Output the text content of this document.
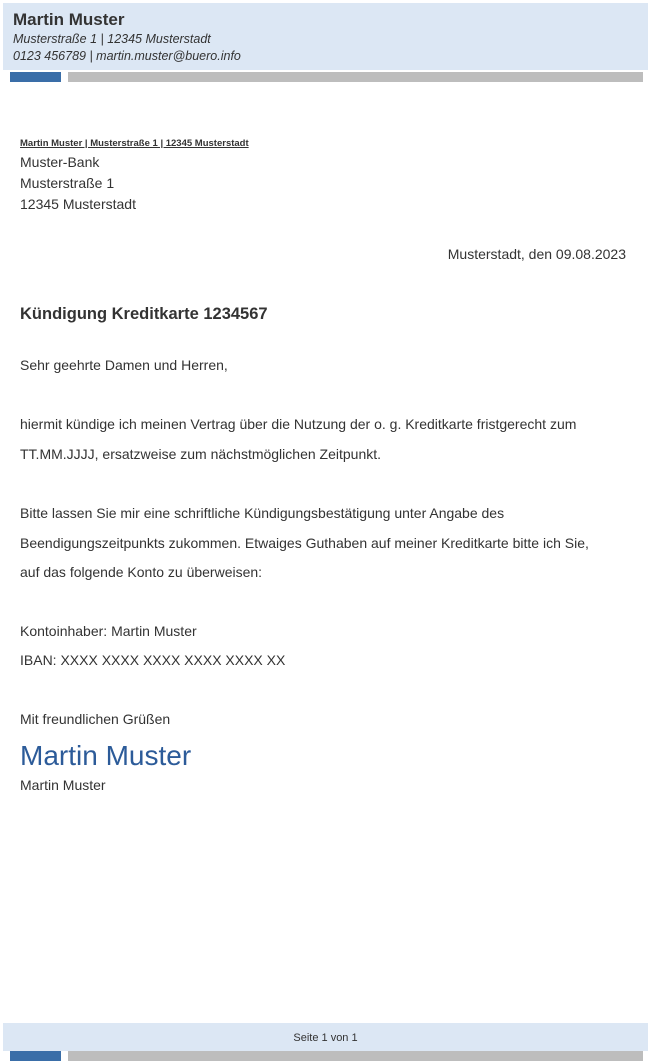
Martin Muster
Musterstraße 1 | 12345 Musterstadt
0123 456789 | martin.muster@buero.info
Martin Muster | Musterstraße 1 | 12345 Musterstadt
Muster-Bank
Musterstraße 1
12345 Musterstadt
Musterstadt, den 09.08.2023
Kündigung Kreditkarte 1234567
Sehr geehrte Damen und Herren,
hiermit kündige ich meinen Vertrag über die Nutzung der o. g. Kreditkarte fristgerecht zum
TT.MM.JJJJ, ersatzweise zum nächstmöglichen Zeitpunkt.
Bitte lassen Sie mir eine schriftliche Kündigungsbestätigung unter Angabe des
Beendigungszeitpunkts zukommen. Etwaiges Guthaben auf meiner Kreditkarte bitte ich Sie,
auf das folgende Konto zu überweisen:
Kontoinhaber: Martin Muster
IBAN: XXXX XXXX XXXX XXXX XXXX XX
Mit freundlichen Grüßen
Martin Muster
Martin Muster
Seite 1 von 1
